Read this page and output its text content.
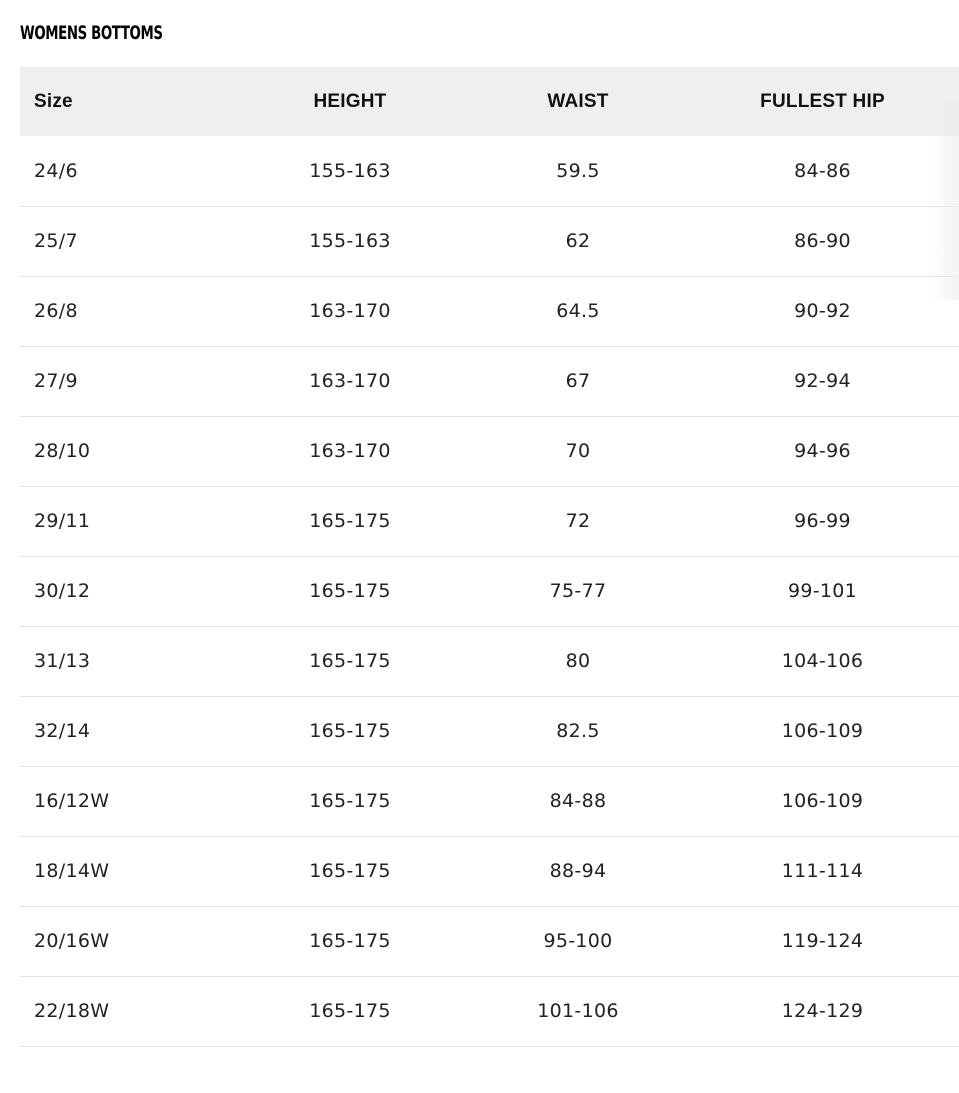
WOMENS BOTTOMS
Size	HEIGHT	WAIST	FULLEST HIP
24/6	155-163	59.5	84-86
25/7	155-163	62	86-90
26/8	163-170	64.5	90-92
27/9	163-170	67	92-94
28/10	163-170	70	94-96
29/11	165-175	72	96-99
30/12	165-175	75-77	99-101
31/13	165-175	80	104-106
32/14	165-175	82.5	106-109
16/12W	165-175	84-88	106-109
18/14W	165-175	88-94	111-114
20/16W	165-175	95-100	119-124
22/18W	165-175	101-106	124-129
